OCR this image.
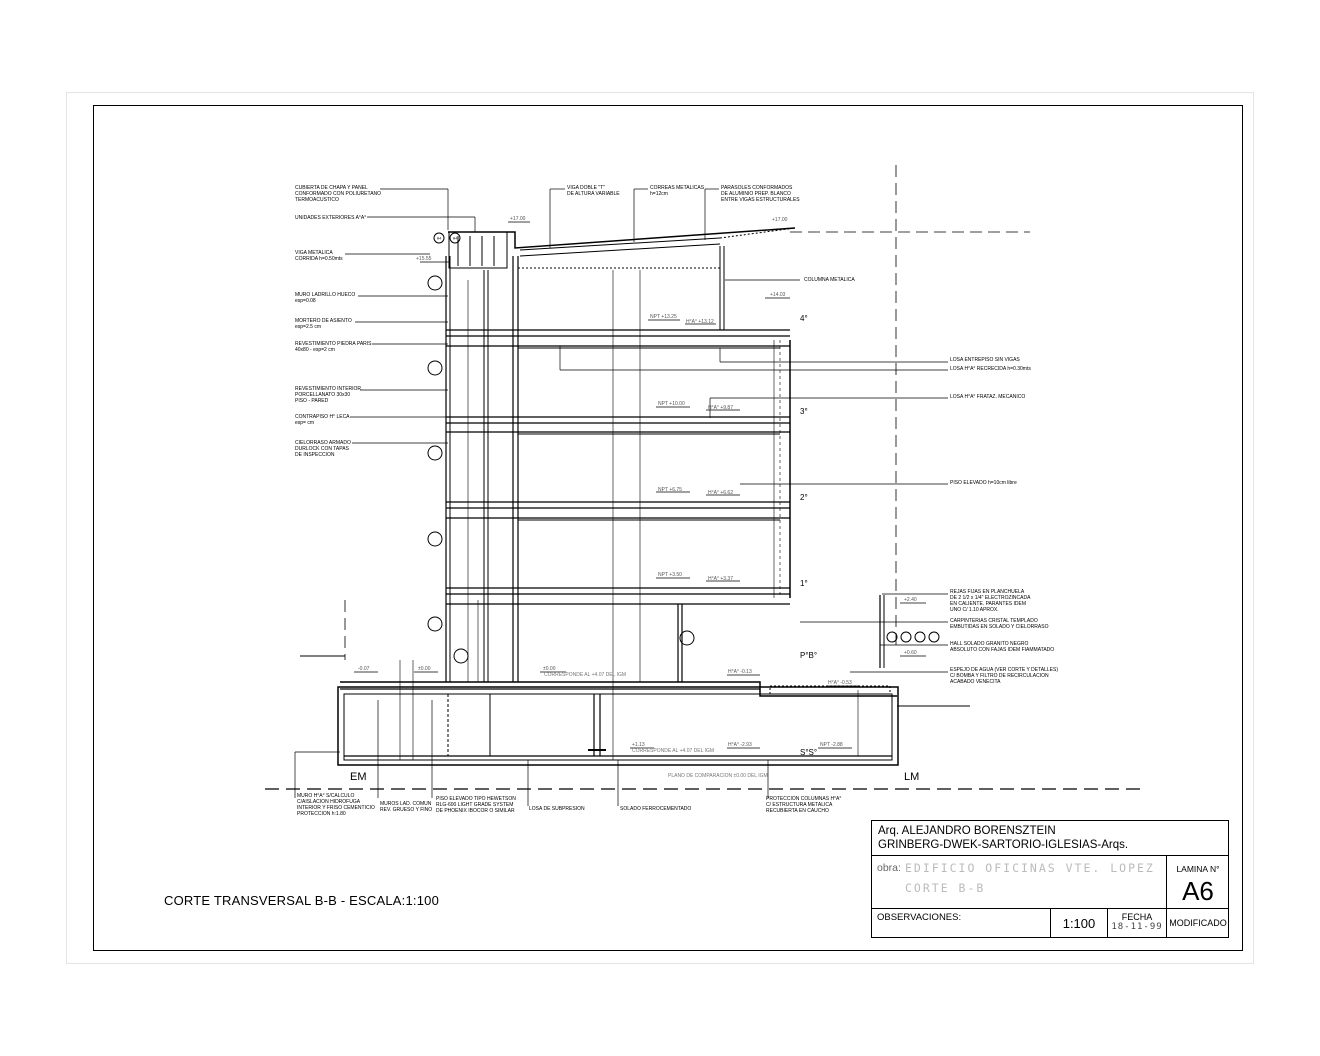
CUBIERTA DE CHAPA Y PANEL
CONFORMADO CON POLIURETANO
TERMOACUSTICO
UNIDADES EXTERIORES A°A°
VIGA METALICA
CORRIDA h=0.50mts
MURO LADRILLO HUECO
esp=0.08
MORTERO DE ASIENTO
esp=2.5 cm
REVESTIMIENTO PIEDRA PARIS
40x80 - esp=2 cm
REVESTIMIENTO INTERIOR
PORCELLANATO 30x30
PISO - PARED
CONTRAPISO H° LECA
esp= cm
CIELORRASO ARMADO
DURLOCK CON TAPAS
DE INSPECCION
VIGA DOBLE "T"
DE ALTURA VARIABLE
CORREAS METALICAS
h=12cm
PARASOLES CONFORMADOS
DE ALUMINIO PREP. BLANCO
ENTRE VIGAS ESTRUCTURALES
COLUMNA METALICA
LOSA ENTREPISO SIN VIGAS
LOSA H°A° RECRECIDA h=0.30mts
LOSA H°A° FRATAZ. MECANICO
PISO ELEVADO h=10cm libre
REJAS FIJAS EN PLANCHUELA
DE 2 1/2 x 1/4" ELECTROZINCADA
EN CALIENTE. PARANTES IDEM
UNO C/ 1.10 APROX.
CARPINTERIAS CRISTAL TEMPLADO
EMBUTIDAS EN SOLADO Y CIELORRASO
HALL SOLADO GRANITO NEGRO
ABSOLUTO CON FAJAS IDEM FIAMMATADO
ESPEJO DE AGUA (VER CORTE Y DETALLES)
C/ BOMBA Y FILTRO DE RECIRCULACION
ACABADO VENECITA
MURO H°A° S/CALCULO
C/AISLACION HIDROFUGA
INTERIOR Y FRISO CEMENTICIO
PROTECCION h:1.80
MUROS LAD. COMUN
REV. GRUESO Y FINO
PISO ELEVADO TIPO HEWETSON
RLG-600 LIGHT GRADE SYSTEM
DE PHOENIX IBOCOR O SIMILAR	LOSA DE SUBPRESION	SOLADO FERROCEMENTADO
PROTECCION COLUMNAS H°A°
C/ ESTRUCTURA METALICA
RECUBIERTA EN CAUCHO
4°
3°
2°
1°
P°B°
S°S°
EM	LM
+17.00	+17.00
+15.55
+14.03
NPT +13.25
H°A° +13.12
NPT +10.00
H°A° +9.87
NPT +6.75	H°A° +6.62
NPT +3.50
H°A° +3.37
+2.40
+0.60
-0.07	±0.00	±0.00	H°A° -0.13
H°A° -0.53
+1.13	H°A° -2.93	NPT -2.88
CORRESPONDE AL +4.07 DEL IGM
CORRESPONDE AL +4.07 DEL IGM
PLANO DE COMPARACION ±0.00 DEL IGM
H4	H4
CORTE TRANSVERSAL B-B - ESCALA:1:100
Arq. ALEJANDRO BORENSZTEIN
GRINBERG-DWEK-SARTORIO-IGLESIAS-Arqs.
obra: EDIFICIO OFICINAS VTE. LOPEZ
CORTE B-B
LAMINA N°
A6
OBSERVACIONES:	1:100	FECHA
18-11-99 MODIFICADO
